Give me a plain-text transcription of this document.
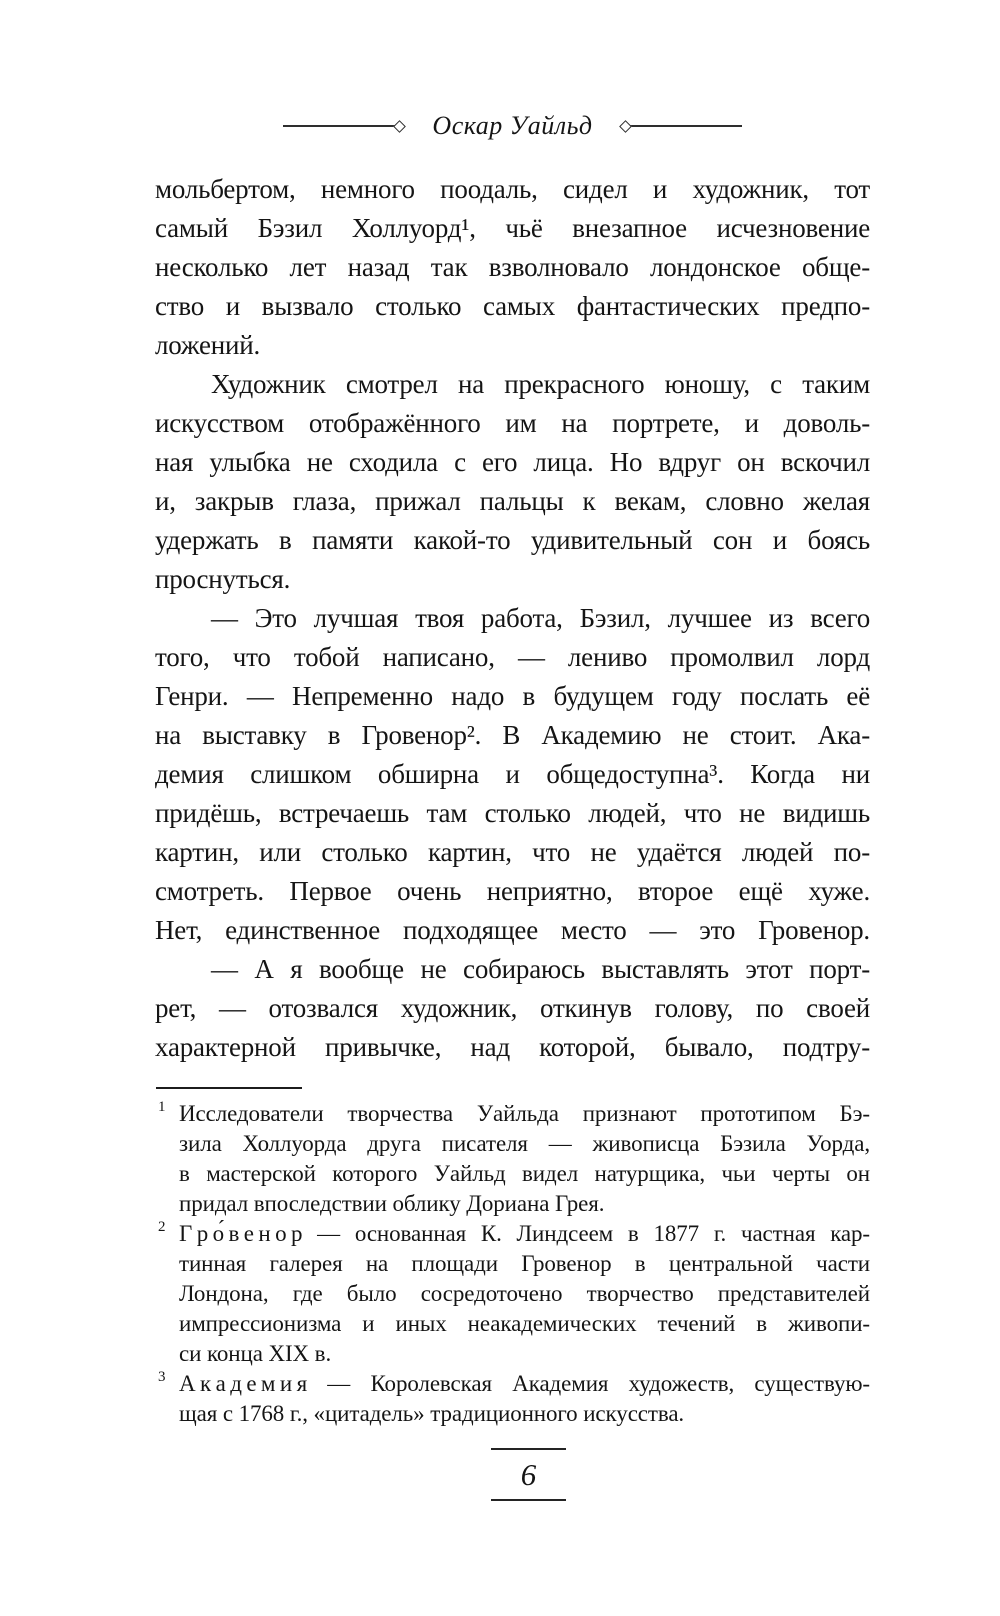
Оскар Уайльд
мольбертом, немного поодаль, сидел и художник, тот
самый Бэзил Холлуорд¹, чьё внезапное исчезновение
несколько лет назад так взволновало лондонское обще-
ство и вызвало столько самых фантастических предпо-
ложений.
Художник смотрел на прекрасного юношу, с таким
искусством отображённого им на портрете, и доволь-
ная улыбка не сходила с его лица. Но вдруг он вскочил
и, закрыв глаза, прижал пальцы к векам, словно желая
удержать в памяти какой-то удивительный сон и боясь
проснуться.
— Это лучшая твоя работа, Бэзил, лучшее из всего
того, что тобой написано, — лениво промолвил лорд
Генри. — Непременно надо в будущем году послать её
на выставку в Гровенор². В Академию не стоит. Ака-
демия слишком обширна и общедоступна³. Когда ни
придёшь, встречаешь там столько людей, что не видишь
картин, или столько картин, что не удаётся людей по-
смотреть. Первое очень неприятно, второе ещё хуже.
Нет, единственное подходящее место — это Гровенор.
— А я вообще не собираюсь выставлять этот порт-
рет, — отозвался художник, откинув голову, по своей
характерной привычке, над которой, бывало, подтру-
1 Исследователи творчества Уайльда признают прототипом Бэ-
зила Холлуорда друга писателя — живописца Бэзила Уорда,
в мастерской которого Уайльд видел натурщика, чьи черты он
придал впоследствии облику Дориана Грея.
2 Г р о́ в е н о р — основанная К. Линдсеем в 1877 г. частная кар-
тинная галерея на площади Гровенор в центральной части
Лондона, где было сосредоточено творчество представителей
импрессионизма и иных неакадемических течений в живопи-
си конца XIX в.
3 А к а д е м и я — Королевская Академия художеств, существую-
щая с 1768 г., «цитадель» традиционного искусства.
6
